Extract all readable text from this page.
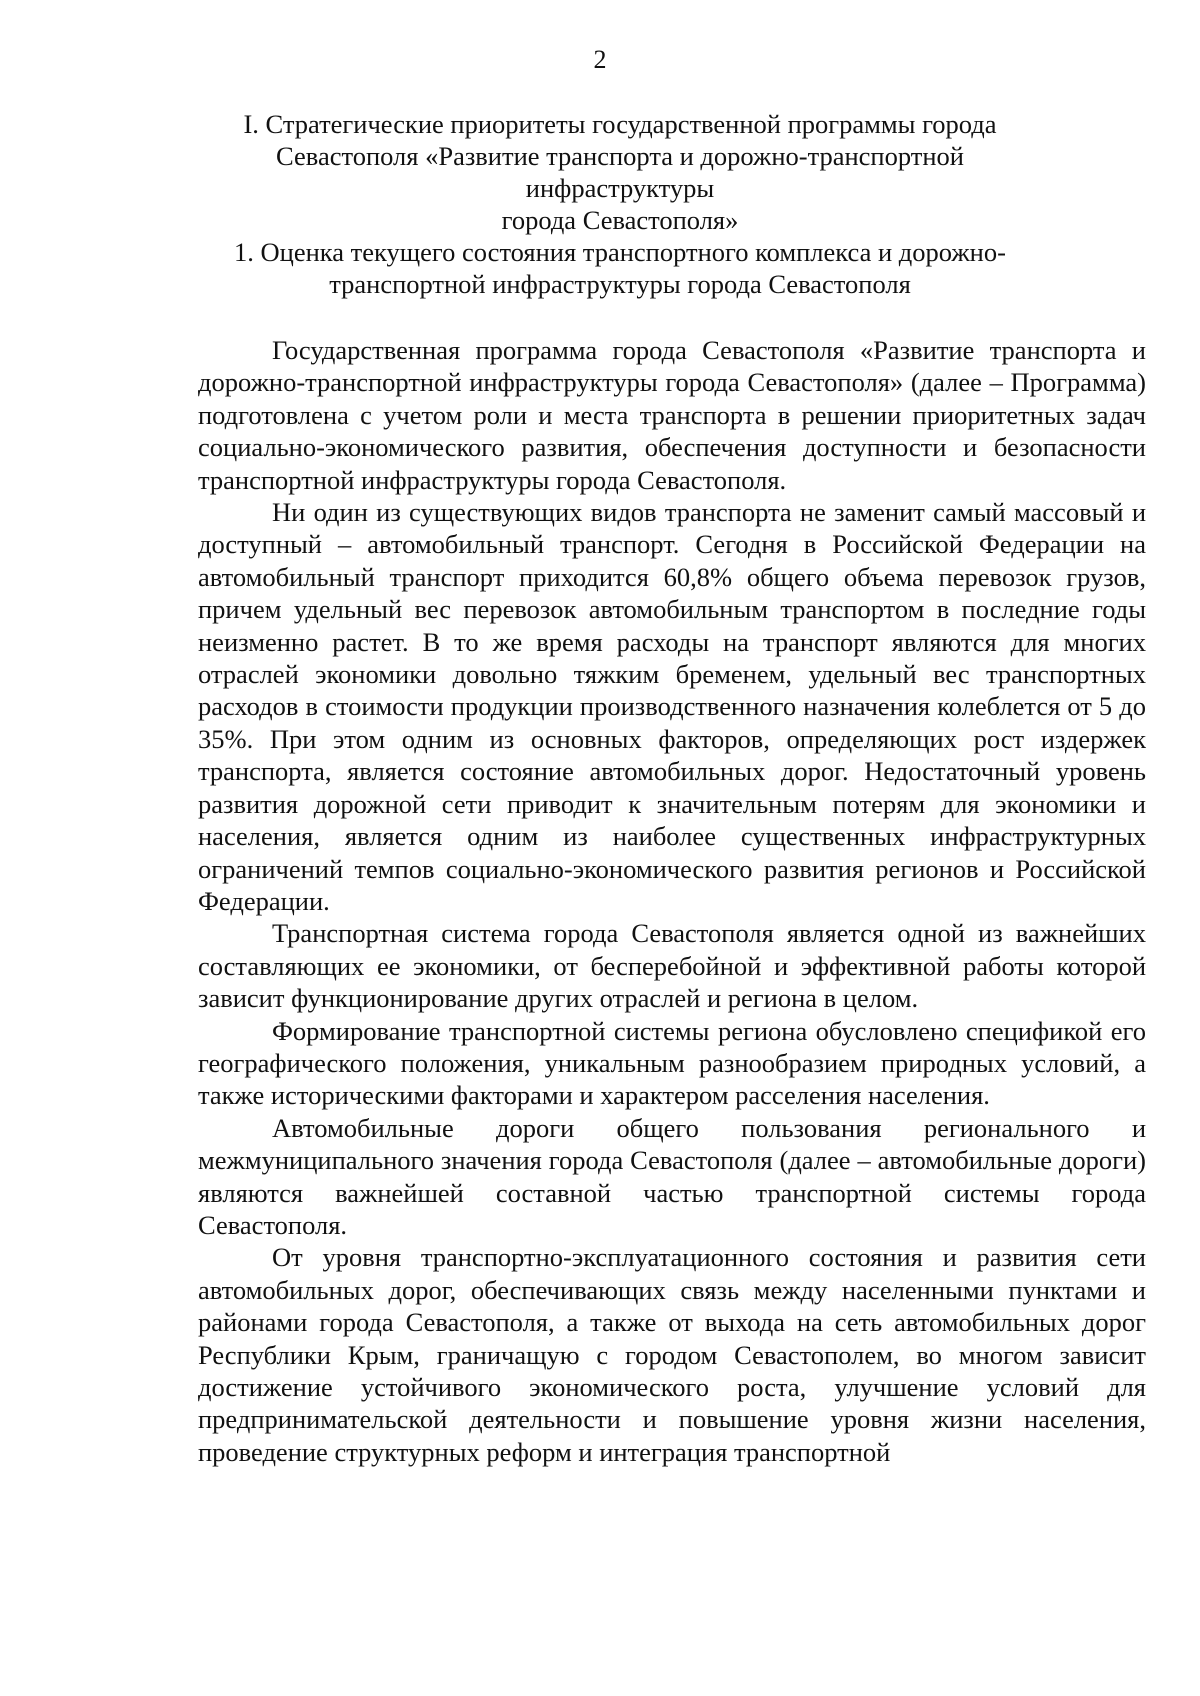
2
I. Стратегические приоритеты государственной программы города
Севастополя «Развитие транспорта и дорожно-транспортной инфраструктуры
города Севастополя»
1. Оценка текущего состояния транспортного комплекса и дорожно-
транспортной инфраструктуры города Севастополя

Государственная программа города Севастополя «Развитие транспорта и дорожно-транспортной инфраструктуры города Севастополя» (далее – Программа) подготовлена с учетом роли и места транспорта в решении приоритетных задач социально-экономического развития, обеспечения доступности и безопасности транспортной инфраструктуры города Севастополя.

Ни один из существующих видов транспорта не заменит самый массовый и доступный – автомобильный транспорт. Сегодня в Российской Федерации на автомобильный транспорт приходится 60,8% общего объема перевозок грузов, причем удельный вес перевозок автомобильным транспортом в последние годы неизменно растет. В то же время расходы на транспорт являются для многих отраслей экономики довольно тяжким бременем, удельный вес транспортных расходов в стоимости продукции производственного назначения колеблется от 5 до 35%. При этом одним из основных факторов, определяющих рост издержек транспорта, является состояние автомобильных дорог. Недостаточный уровень развития дорожной сети приводит к значительным потерям для экономики и населения, является одним из наиболее существенных инфраструктурных ограничений темпов социально-экономического развития регионов и Российской Федерации.

Транспортная система города Севастополя является одной из важнейших составляющих ее экономики, от бесперебойной и эффективной работы которой зависит функционирование других отраслей и региона в целом.

Формирование транспортной системы региона обусловлено спецификой его географического положения, уникальным разнообразием природных условий, а также историческими факторами и характером расселения населения.

Автомобильные дороги общего пользования регионального и межмуниципального значения города Севастополя (далее – автомобильные дороги) являются важнейшей составной частью транспортной системы города Севастополя.

От уровня транспортно-эксплуатационного состояния и развития сети автомобильных дорог, обеспечивающих связь между населенными пунктами и районами города Севастополя, а также от выхода на сеть автомобильных дорог Республики Крым, граничащую с городом Севастополем, во многом зависит достижение устойчивого экономического роста, улучшение условий для предпринимательской деятельности и повышение уровня жизни населения, проведение структурных реформ и интеграция транспортной
